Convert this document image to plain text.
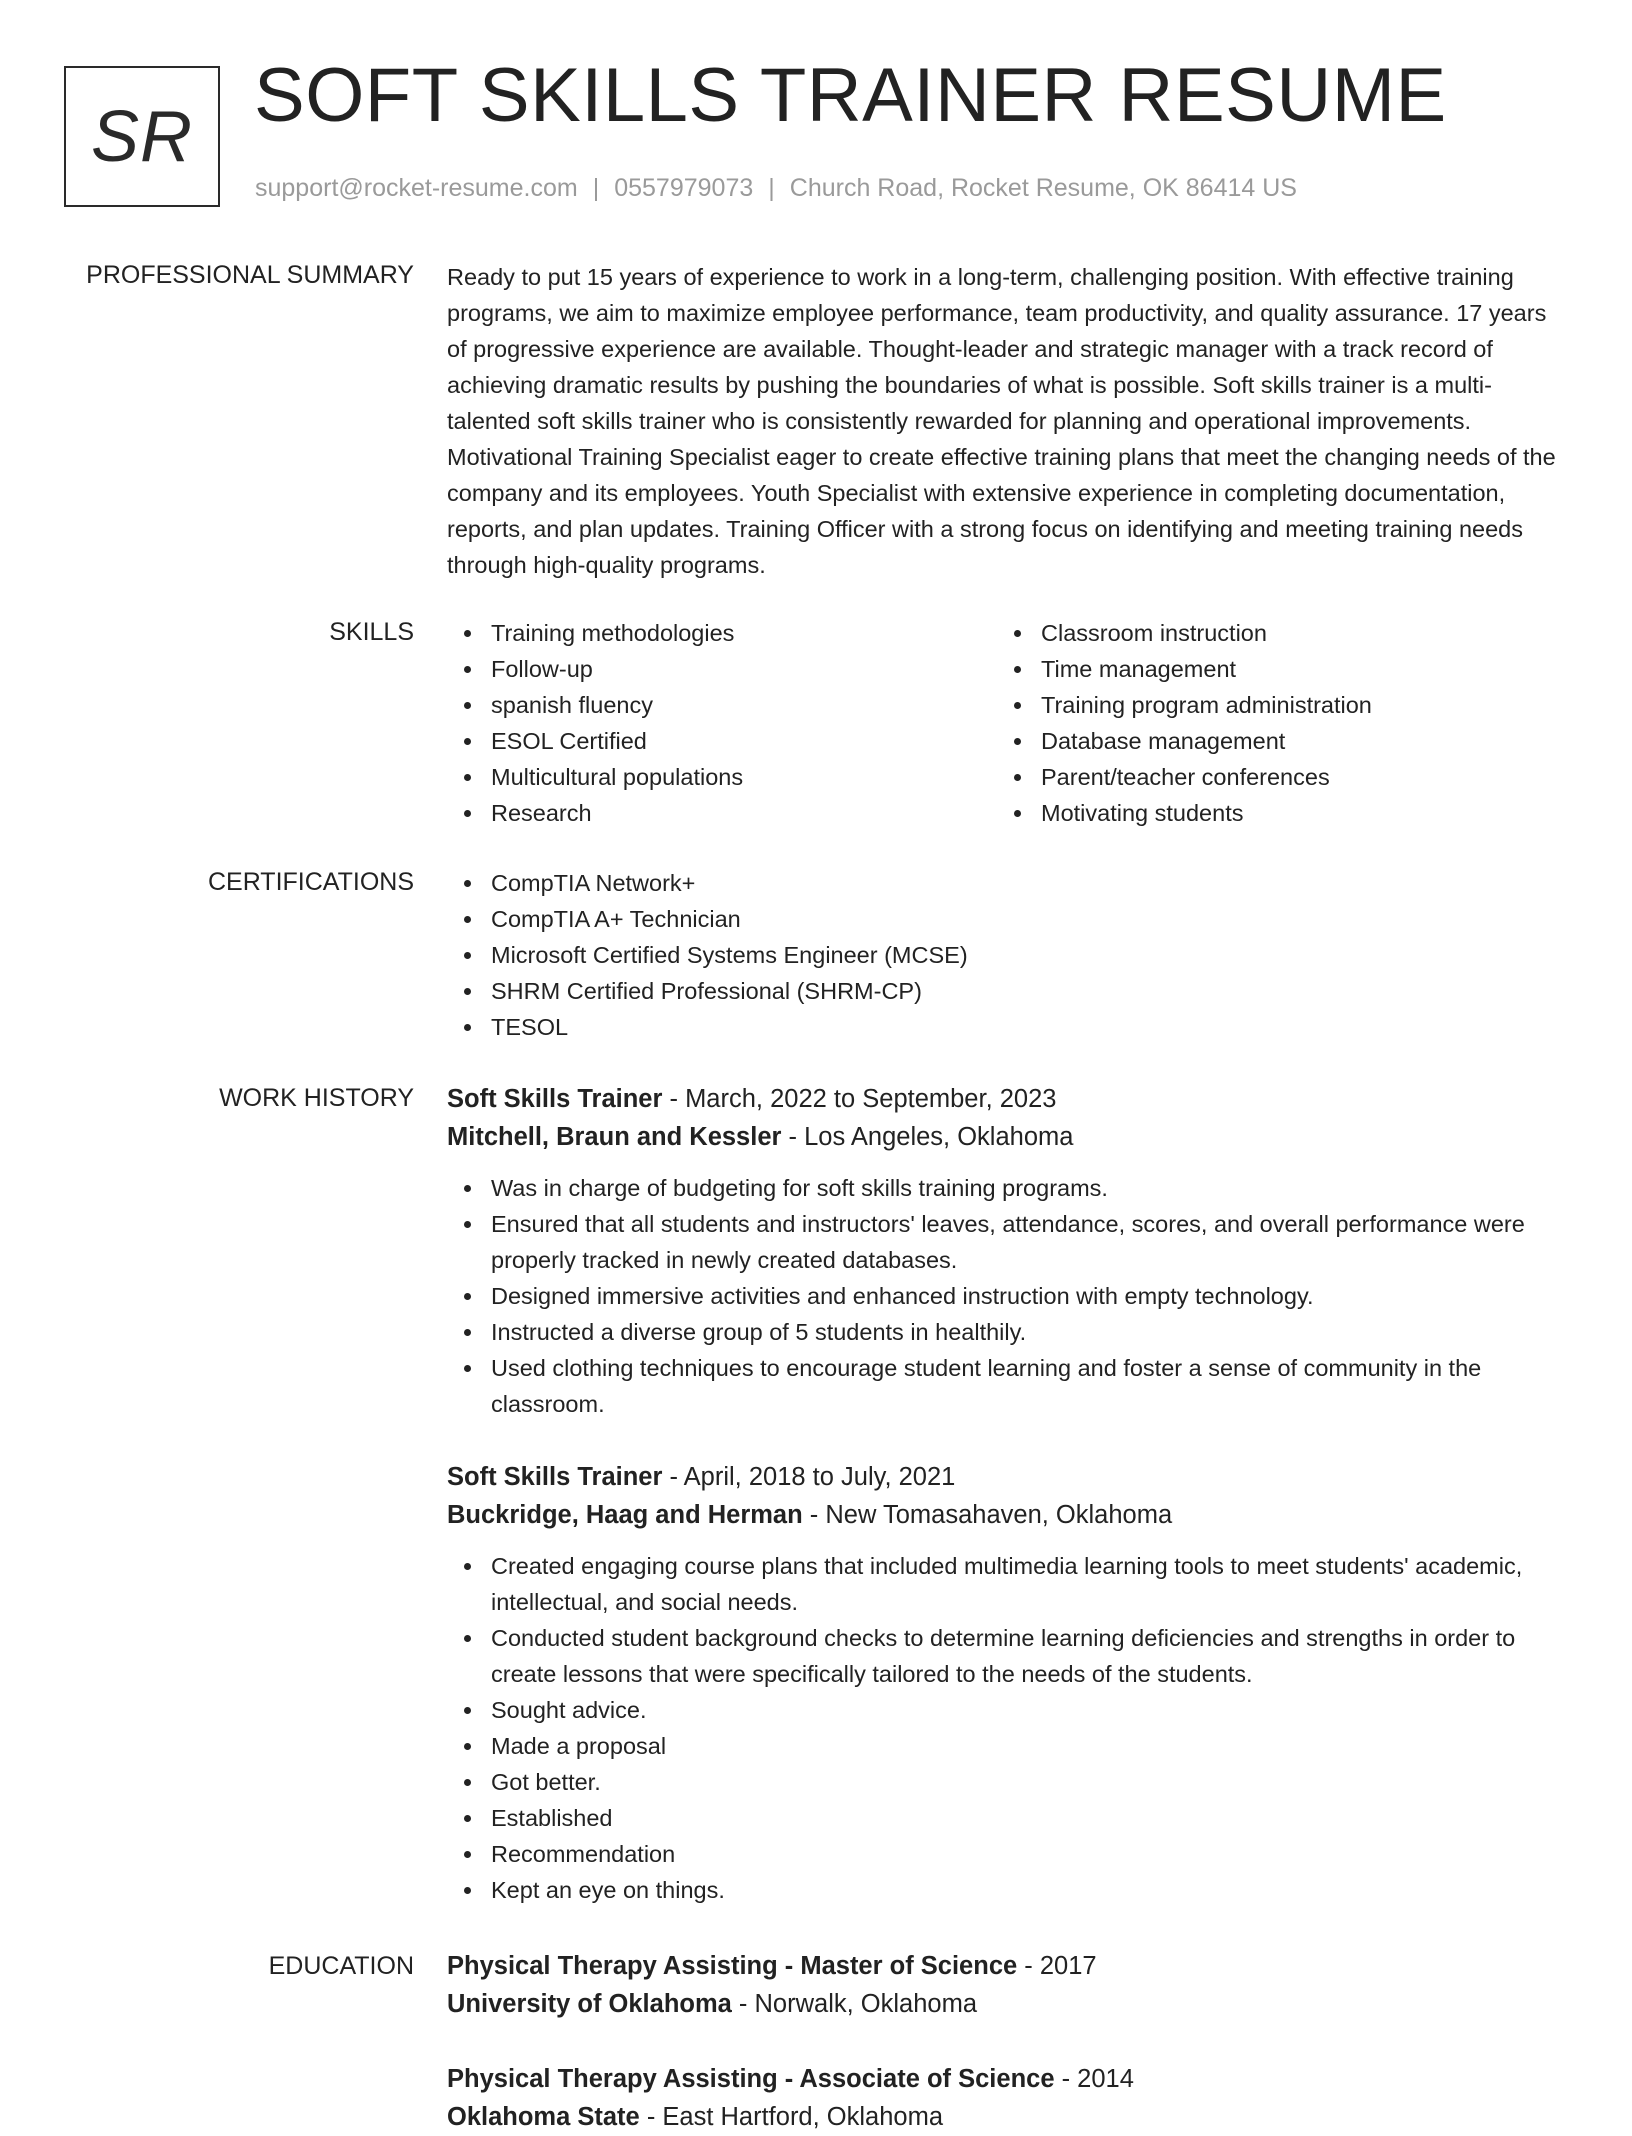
SR SOFT SKILLS TRAINER RESUME
support@rocket-resume.com | 0557979073 | Church Road, Rocket Resume, OK 86414 US
PROFESSIONAL SUMMARY Ready to put 15 years of experience to work in a long-term, challenging position. With effective training programs, we aim to maximize employee performance, team productivity, and quality assurance. 17 years of progressive experience are available. Thought-leader and strategic manager with a track record of achieving dramatic results by pushing the boundaries of what is possible. Soft skills trainer is a multi-talented soft skills trainer who is consistently rewarded for planning and operational improvements. Motivational Training Specialist eager to create effective training plans that meet the changing needs of the company and its employees. Youth Specialist with extensive experience in completing documentation, reports, and plan updates. Training Officer with a strong focus on identifying and meeting training needs through high-quality programs.

SKILLS	Training methodologies
Follow-up
spanish fluency
ESOL Certified
Multicultural populations
Research
Classroom instruction
Time management
Training program administration
Database management
Parent/teacher conferences
Motivating students
CERTIFICATIONS	CompTIA Network+
CompTIA A+ Technician
Microsoft Certified Systems Engineer (MCSE)
SHRM Certified Professional (SHRM-CP)
TESOL
WORK HISTORY Soft Skills Trainer - March, 2022 to September, 2023
Mitchell, Braun and Kessler - Los Angeles, Oklahoma
Was in charge of budgeting for soft skills training programs.
Ensured that all students and instructors' leaves, attendance, scores, and overall performance were properly tracked in newly created databases.
Designed immersive activities and enhanced instruction with empty technology.
Instructed a diverse group of 5 students in healthily.
Used clothing techniques to encourage student learning and foster a sense of community in the classroom.
Soft Skills Trainer - April, 2018 to July, 2021
Buckridge, Haag and Herman - New Tomasahaven, Oklahoma
Created engaging course plans that included multimedia learning tools to meet students' academic, intellectual, and social needs.
Conducted student background checks to determine learning deficiencies and strengths in order to create lessons that were specifically tailored to the needs of the students.
Sought advice.
Made a proposal
Got better.
Established
Recommendation
Kept an eye on things.
EDUCATION Physical Therapy Assisting - Master of Science - 2017
University of Oklahoma - Norwalk, Oklahoma
Physical Therapy Assisting - Associate of Science - 2014
Oklahoma State - East Hartford, Oklahoma
